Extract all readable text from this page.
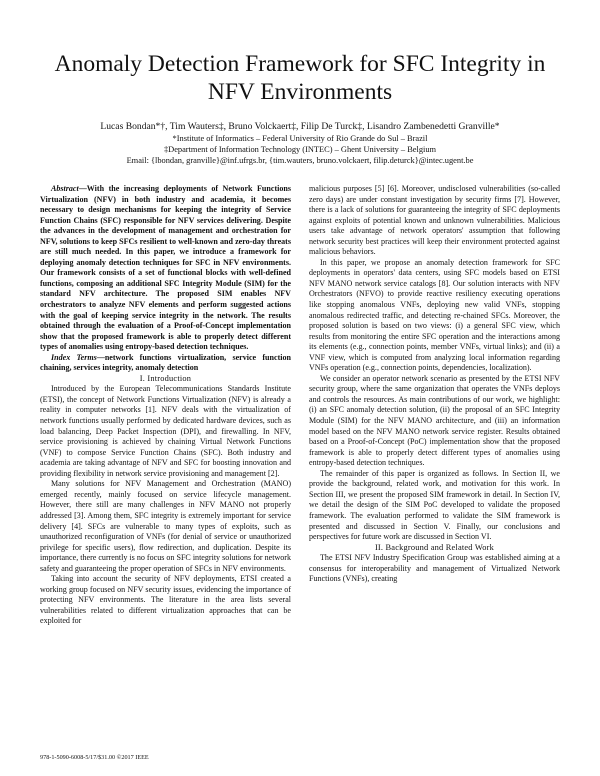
Anomaly Detection Framework for SFC Integrity in NFV Environments
Lucas Bondan*†, Tim Wauters‡, Bruno Volckaert‡, Filip De Turck‡, Lisandro Zambenedetti Granville*
*Institute of Informatics – Federal University of Rio Grande do Sul – Brazil
‡Department of Information Technology (INTEC) – Ghent University – Belgium
Email: {lbondan, granville}@inf.ufrgs.br, {tim.wauters, bruno.volckaert, filip.deturck}@intec.ugent.be

Abstract—With the increasing deployments of Network Functions Virtualization (NFV) in both industry and academia, it becomes necessary to design mechanisms for keeping the integrity of Service Function Chains (SFC) responsible for NFV services delivering. Despite the advances in the development of management and orchestration for NFV, solutions to keep SFCs resilient to well-known and zero-day threats are still much needed. In this paper, we introduce a framework for deploying anomaly detection techniques for SFC in NFV environments. Our framework consists of a set of functional blocks with well-defined functions, composing an additional SFC Integrity Module (SIM) for the standard NFV architecture. The proposed SIM enables NFV orchestrators to analyze NFV elements and perform suggested actions with the goal of keeping service integrity in the network. The results obtained through the evaluation of a Proof-of-Concept implementation show that the proposed framework is able to properly detect different types of anomalies using entropy-based detection techniques.

Index Terms—network functions virtualization, service function chaining, services integrity, anomaly detection

I. Introduction

Introduced by the European Telecommunications Standards Institute (ETSI), the concept of Network Functions Virtualization (NFV) is already a reality in computer networks [1]. NFV deals with the virtualization of network functions usually performed by dedicated hardware devices, such as load balancing, Deep Packet Inspection (DPI), and firewalling. In NFV, service provisioning is achieved by chaining Virtual Network Functions (VNF) to compose Service Function Chains (SFC). Both industry and academia are taking advantage of NFV and SFC for boosting innovation and providing flexibility in network service provisioning and management [2].

Many solutions for NFV Management and Orchestration (MANO) emerged recently, mainly focused on service lifecycle management. However, there still are many challenges in NFV MANO not properly addressed [3]. Among them, SFC integrity is extremely important for service delivery [4]. SFCs are vulnerable to many types of exploits, such as unauthorized reconfiguration of VNFs (for denial of service or unauthorized privilege for specific users), flow redirection, and duplication. Despite its importance, there currently is no focus on SFC integrity solutions for network safety and guaranteeing the proper operation of SFCs in NFV environments.

Taking into account the security of NFV deployments, ETSI created a working group focused on NFV security issues, evidencing the importance of protecting NFV environments. The literature in the area lists several vulnerabilities related to different virtualization approaches that can be exploited for

malicious purposes [5] [6]. Moreover, undisclosed vulnerabilities (so-called zero days) are under constant investigation by security firms [7]. However, there is a lack of solutions for guaranteeing the integrity of SFC deployments against exploits of potential known and unknown vulnerabilities. Malicious users take advantage of network operators' assumption that following network security best practices will keep their environment protected against malicious behaviors.

In this paper, we propose an anomaly detection framework for SFC deployments in operators' data centers, using SFC models based on ETSI NFV MANO network service catalogs [8]. Our solution interacts with NFV Orchestrators (NFVO) to provide reactive resiliency executing operations like stopping anomalous VNFs, deploying new valid VNFs, stopping anomalous redirected traffic, and detecting re-chained SFCs. Moreover, the proposed solution is based on two views: (i) a general SFC view, which results from monitoring the entire SFC operation and the interactions among its elements (e.g., connection points, member VNFs, virtual links); and (ii) a VNF view, which is computed from analyzing local information regarding VNFs operation (e.g., connection points, dependencies, localization).

We consider an operator network scenario as presented by the ETSI NFV security group, where the same organization that operates the VNFs deploys and controls the resources. As main contributions of our work, we highlight: (i) an SFC anomaly detection solution, (ii) the proposal of an SFC Integrity Module (SIM) for the NFV MANO architecture, and (iii) an information model based on the NFV MANO network service register. Results obtained based on a Proof-of-Concept (PoC) implementation show that the proposed framework is able to properly detect different types of anomalies using entropy-based detection techniques.

The remainder of this paper is organized as follows. In Section II, we provide the background, related work, and motivation for this work. In Section III, we present the proposed SIM framework in detail. In Section IV, we detail the design of the SIM PoC developed to validate the proposed framework. The evaluation performed to validate the SIM framework is presented and discussed in Section V. Finally, our conclusions and perspectives for future work are discussed in Section VI.

II. Background and Related Work

The ETSI NFV Industry Specification Group was established aiming at a consensus for interoperability and management of Virtualized Network Functions (VNFs), creating

978-1-5090-6008-5/17/$31.00 ©2017 IEEE
